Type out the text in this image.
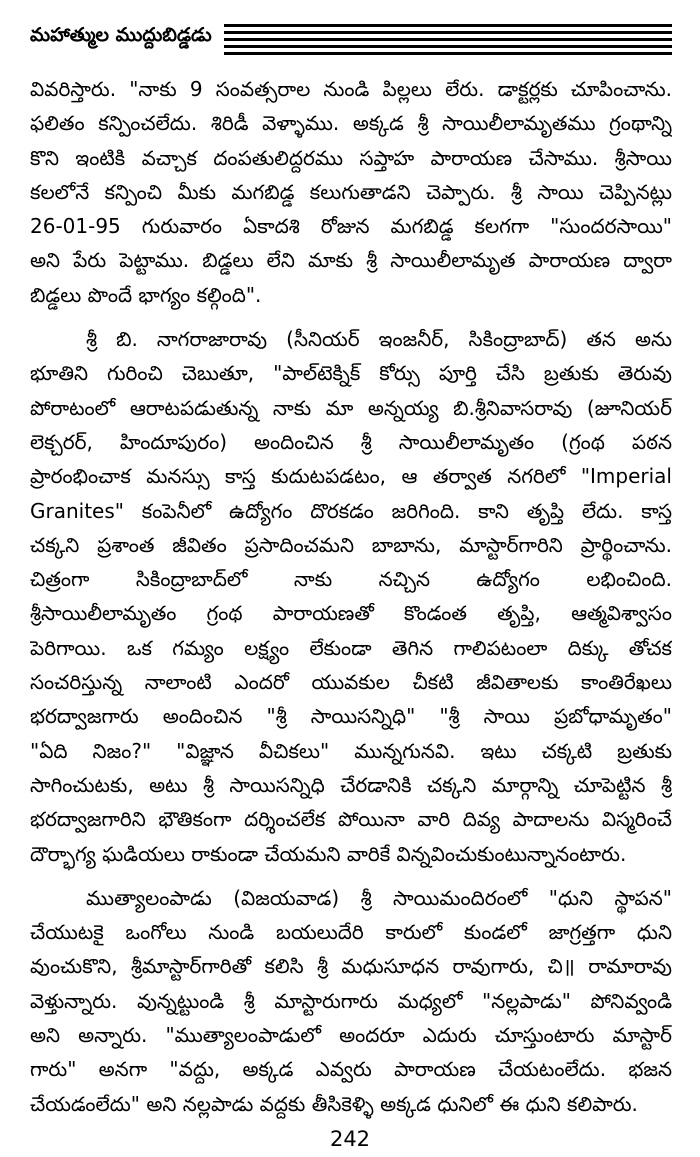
మహాత్ముల ముద్దుబిడ్డడు

వివరిస్తారు. "నాకు 9 సంవత్సరాల నుండి పిల్లలు లేరు. డాక్టర్లకు చూపించాను.
ఫలితం కన్పించలేదు. శిరిడీ వెళ్ళాము. అక్కడ శ్రీ సాయిలీలామృతము గ్రంథాన్ని
కొని ఇంటికి వచ్చాక దంపతులిద్దరము సప్తాహ పారాయణ చేసాము. శ్రీసాయి
కలలోనే కన్పించి మీకు మగబిడ్డ కలుగుతాడని చెప్పారు. శ్రీ సాయి చెప్పినట్లు
26-01-95 గురువారం ఏకాదశి రోజున మగబిడ్డ కలగగా "సుందరసాయి"
అని పేరు పెట్టాము. బిడ్డలు లేని మాకు శ్రీ సాయిలీలామృత పారాయణ ద్వారా
బిడ్డలు పొందే భాగ్యం కల్గింది".

శ్రీ బి. నాగరాజారావు (సీనియర్ ఇంజనీర్, సికింద్రాబాద్) తన అను
భూతిని గురించి చెబుతూ, "పాల్‌టెక్నిక్ కోర్సు పూర్తి చేసి బ్రతుకు తెరువు
పోరాటంలో ఆరాటపడుతున్న నాకు మా అన్నయ్య బి.శ్రీనివాసరావు (జూనియర్
లెక్చరర్, హిందూపురం) అందించిన శ్రీ సాయిలీలామృతం (గ్రంథ పఠన
ప్రారంభించాక మనస్సు కాస్త కుదుటపడటం, ఆ తర్వాత నగరిలో "Imperial
Granites" కంపెనీలో ఉద్యోగం దొరకడం జరిగింది. కాని తృప్తి లేదు. కాస్త
చక్కని ప్రశాంత జీవితం ప్రసాదించమని బాబాను, మాస్టార్‌గారిని ప్రార్థించాను.
చిత్రంగా సికింద్రాబాద్‌లో నాకు నచ్చిన ఉద్యోగం లభించింది.
శ్రీసాయిలీలామృతం గ్రంథ పారాయణతో కొండంత తృప్తి, ఆత్మవిశ్వాసం
పెరిగాయి. ఒక గమ్యం లక్ష్యం లేకుండా తెగిన గాలిపటంలా దిక్కు తోచక
సంచరిస్తున్న నాలాంటి ఎందరో యువకుల చీకటి జీవితాలకు కాంతిరేఖలు
భరద్వాజగారు అందించిన "శ్రీ సాయిసన్నిధి" "శ్రీ సాయి ప్రబోధామృతం"
"ఏది నిజం?" "విజ్ఞాన వీచికలు" మున్నగునవి. ఇటు చక్కటి బ్రతుకు
సాగించుటకు, అటు శ్రీ సాయిసన్నిధి చేరడానికి చక్కని మార్గాన్ని చూపెట్టిన శ్రీ
భరద్వాజగారిని భౌతికంగా దర్శించలేక పోయినా వారి దివ్య పాదాలను విస్మరించే
దౌర్భాగ్య ఘడియలు రాకుండా చేయమని వారికే విన్నవించుకుంటున్నానంటారు.

ముత్యాలంపాడు (విజయవాడ) శ్రీ సాయిమందిరంలో "ధుని స్థాపన"
చేయుటకై ఒంగోలు నుండి బయలుదేరి కారులో కుండలో జాగ్రత్తగా ధుని
వుంచుకొని, శ్రీమాస్టార్‌గారితో కలిసి శ్రీ మధుసూధన రావుగారు, చి॥ రామారావు
వెళ్తున్నారు. వున్నట్టుండి శ్రీ మాస్టారుగారు మధ్యలో "నల్లపాడు" పోనివ్వండి
అని అన్నారు. "ముత్యాలంపాడులో అందరూ ఎదురు చూస్తుంటారు మాస్టార్
గారు" అనగా "వద్దు, అక్కడ ఎవ్వరు పారాయణ చేయటంలేదు. భజన
చేయడంలేదు" అని నల్లపాడు వద్దకు తీసికెళ్ళి అక్కడ ధునిలో ఈ ధుని కలిపారు.

242
